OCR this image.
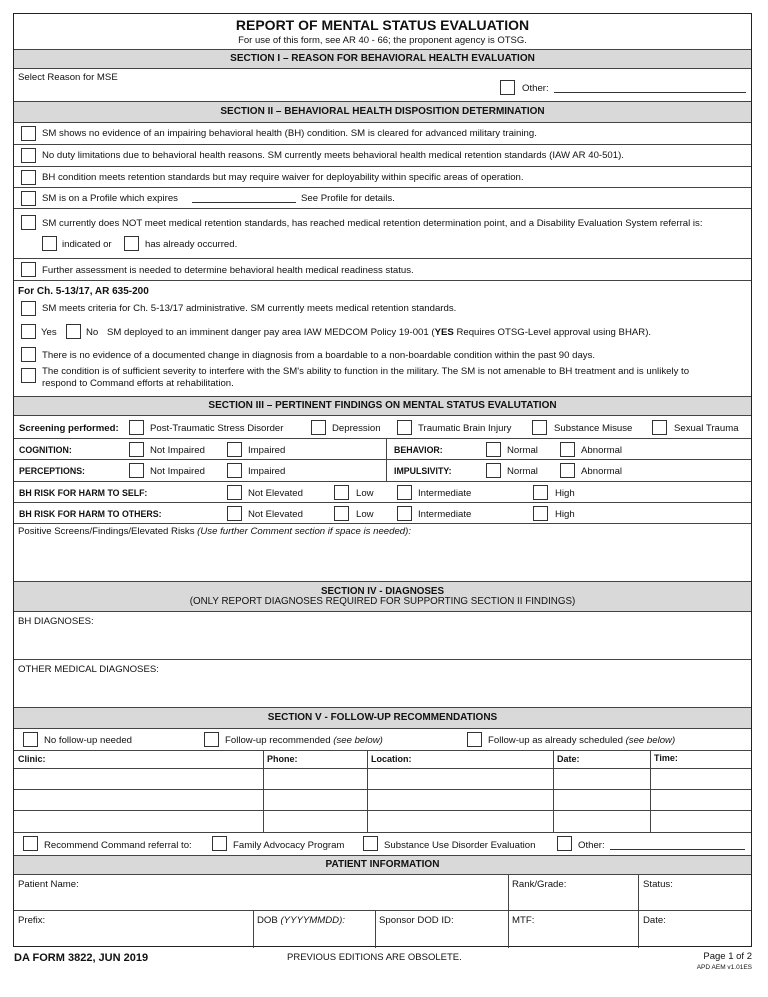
REPORT OF MENTAL STATUS EVALUATION
For use of this form, see AR 40 - 66; the proponent agency is OTSG.
SECTION I – REASON FOR BEHAVIORAL HEALTH EVALUATION
Select Reason for MSE
Other:
SECTION II – BEHAVIORAL HEALTH DISPOSITION DETERMINATION
SM shows no evidence of an impairing behavioral health (BH) condition. SM is cleared for advanced military training.
No duty limitations due to behavioral health reasons. SM currently meets behavioral health medical retention standards (IAW AR 40-501).
BH condition meets retention standards but may require waiver for deployability within specific areas of operation.
SM is on a Profile which expires	See Profile for details.
SM currently does NOT meet medical retention standards, has reached medical retention determination point, and a Disability Evaluation System referral is:
indicated or	has already occurred.
Further assessment is needed to determine behavioral health medical readiness status.
For Ch. 5-13/17, AR 635-200
SM meets criteria for Ch. 5-13/17 administrative. SM currently meets medical retention standards.
Yes	No SM deployed to an imminent danger pay area IAW MEDCOM Policy 19-001 (YES Requires OTSG-Level approval using BHAR).
There is no evidence of a documented change in diagnosis from a boardable to a non-boardable condition within the past 90 days.
The condition is of sufficient severity to interfere with the SM's ability to function in the military. The SM is not amenable to BH treatment and is unlikely to
respond to Command efforts at rehabilitation.
SECTION III – PERTINENT FINDINGS ON MENTAL STATUS EVALUTATION
Screening performed:	Post-Traumatic Stress Disorder	Depression	Traumatic Brain Injury	Substance Misuse	Sexual Trauma
COGNITION:	Not Impaired	Impaired	BEHAVIOR:	Normal	Abnormal
PERCEPTIONS:	Not Impaired	Impaired	IMPULSIVITY:	Normal	Abnormal
BH RISK FOR HARM TO SELF:	Not Elevated	Low	Intermediate	High
BH RISK FOR HARM TO OTHERS:	Not Elevated	Low	Intermediate	High
Positive Screens/Findings/Elevated Risks (Use further Comment section if space is needed):
SECTION IV - DIAGNOSES
(ONLY REPORT DIAGNOSES REQUIRED FOR SUPPORTING SECTION II FINDINGS)
BH DIAGNOSES:
OTHER MEDICAL DIAGNOSES:
SECTION V - FOLLOW-UP RECOMMENDATIONS
No follow-up needed	Follow-up recommended (see below)	Follow-up as already scheduled (see below)
Clinic:	Phone:	Location:	Date:	Time:
Recommend Command referral to:	Family Advocacy Program	Substance Use Disorder Evaluation	Other:
PATIENT INFORMATION
Patient Name:	Rank/Grade:	Status:
Prefix:	DOB (YYYYMMDD):	Sponsor DOD ID:	MTF:	Date:
DA FORM 3822, JUN 2019	PREVIOUS EDITIONS ARE OBSOLETE.	Page 1 of 2
APD AEM v1.01ES
